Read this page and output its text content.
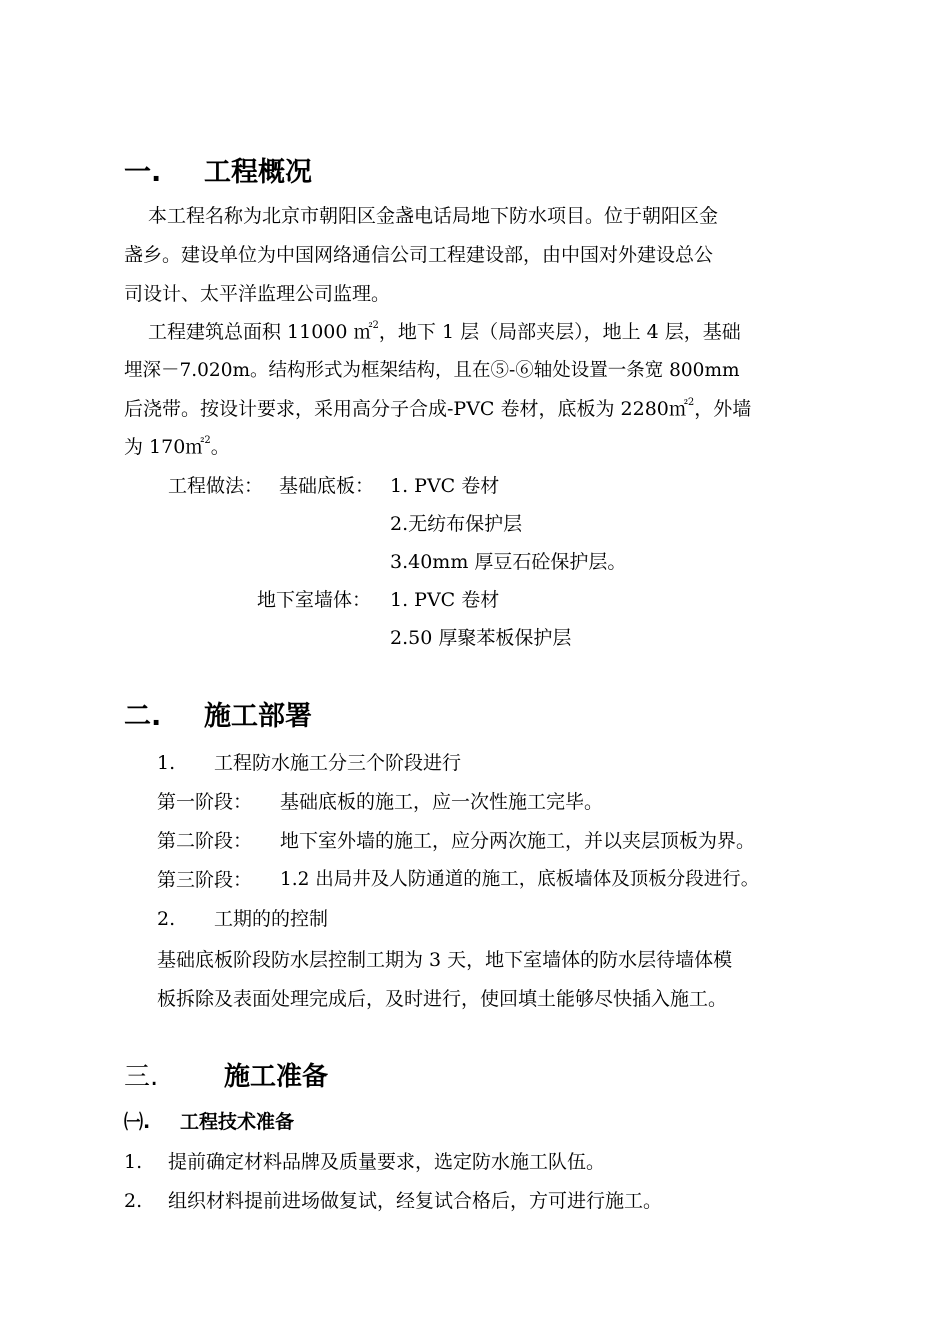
一. 工程概况
本工程名称为北京市朝阳区金盏电话局地下防水项目。位于朝阳区金
盏乡。建设单位为中国网络通信公司工程建设部，由中国对外建设总公
司设计、太平洋监理公司监理。
工程建筑总面积 11000 ㎡$^2$，地下 1 层（局部夹层），地上 4 层，基础
埋深－7.020m。结构形式为框架结构，且在⑤-⑥轴处设置一条宽 800mm
后浇带。按设计要求，采用高分子合成-PVC 卷材，底板为 2280㎡$^2$，外墙
为 170㎡$^2$。
工程做法： 基础底板： 1. PVC 卷材
2.无纺布保护层
3.40mm 厚豆石砼保护层。
地下室墙体： 1. PVC 卷材
2.50 厚聚苯板保护层
二. 施工部署
1. 工程防水施工分三个阶段进行
第一阶段： 基础底板的施工，应一次性施工完毕。
第二阶段： 地下室外墙的施工，应分两次施工，并以夹层顶板为界。
第三阶段： 1.2 出局井及人防通道的施工，底板墙体及顶板分段进行。
2. 工期的的控制
基础底板阶段防水层控制工期为 3 天，地下室墙体的防水层待墙体模
板拆除及表面处理完成后，及时进行，使回填土能够尽快插入施工。
三.	施工准备
㈠. 工程技术准备
1. 提前确定材料品牌及质量要求，选定防水施工队伍。
2. 组织材料提前进场做复试，经复试合格后，方可进行施工。
